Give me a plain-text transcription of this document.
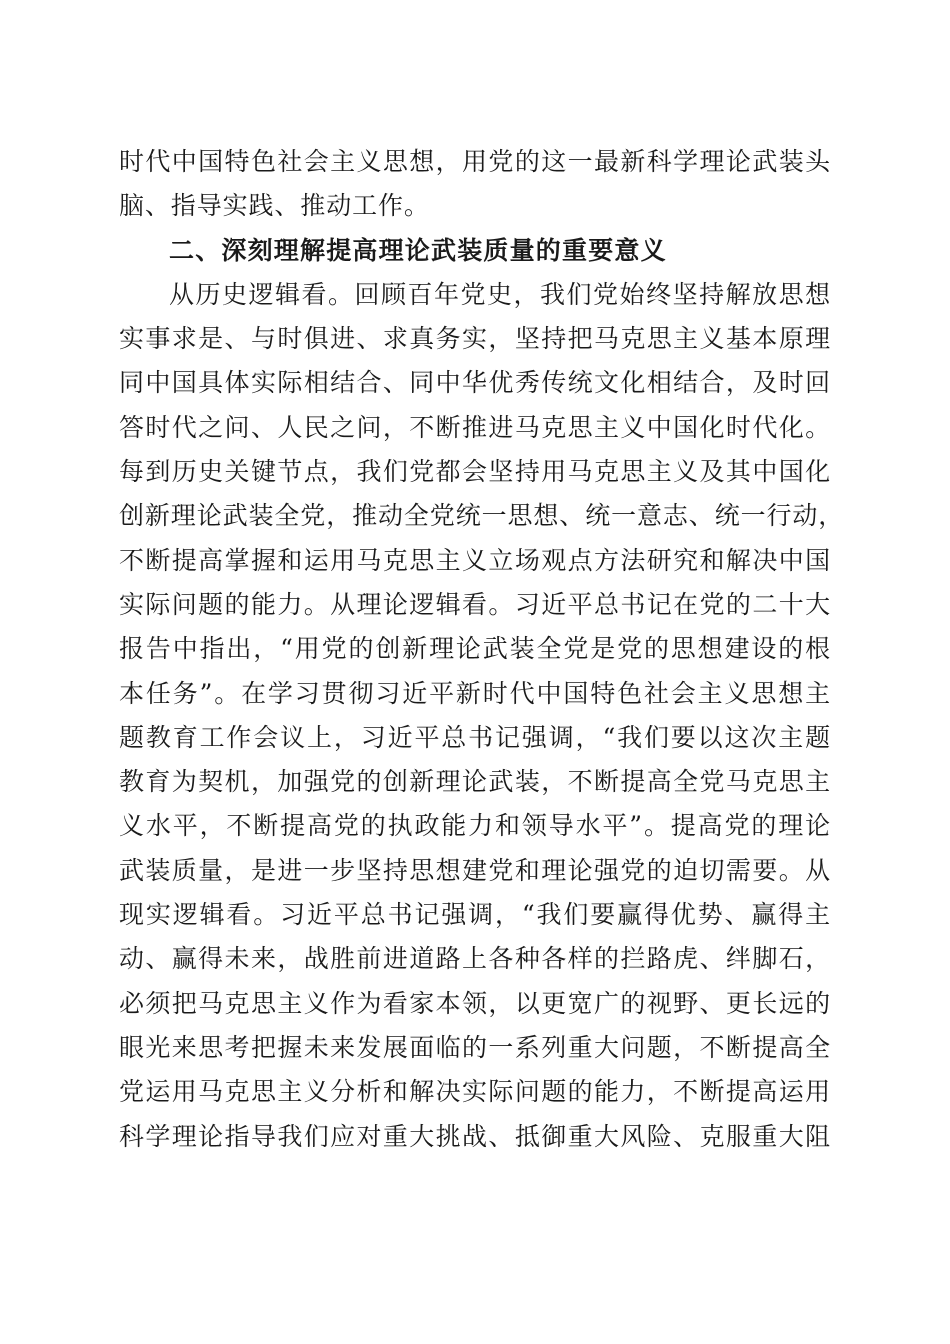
时代中国特色社会主义思想，用党的这一最新科学理论武装头
脑、指导实践、推动工作。
二、深刻理解提高理论武装质量的重要意义
从历史逻辑看。回顾百年党史，我们党始终坚持解放思想
实事求是、与时俱进、求真务实，坚持把马克思主义基本原理
同中国具体实际相结合、同中华优秀传统文化相结合，及时回
答时代之问、人民之问，不断推进马克思主义中国化时代化。
每到历史关键节点，我们党都会坚持用马克思主义及其中国化
创新理论武装全党，推动全党统一思想、统一意志、统一行动，
不断提高掌握和运用马克思主义立场观点方法研究和解决中国
实际问题的能力。从理论逻辑看。习近平总书记在党的二十大
报告中指出，“用党的创新理论武装全党是党的思想建设的根
本任务”。在学习贯彻习近平新时代中国特色社会主义思想主
题教育工作会议上，习近平总书记强调，“我们要以这次主题
教育为契机，加强党的创新理论武装，不断提高全党马克思主
义水平，不断提高党的执政能力和领导水平”。提高党的理论
武装质量，是进一步坚持思想建党和理论强党的迫切需要。从
现实逻辑看。习近平总书记强调，“我们要赢得优势、赢得主
动、赢得未来，战胜前进道路上各种各样的拦路虎、绊脚石，
必须把马克思主义作为看家本领，以更宽广的视野、更长远的
眼光来思考把握未来发展面临的一系列重大问题，不断提高全
党运用马克思主义分析和解决实际问题的能力，不断提高运用
科学理论指导我们应对重大挑战、抵御重大风险、克服重大阻
